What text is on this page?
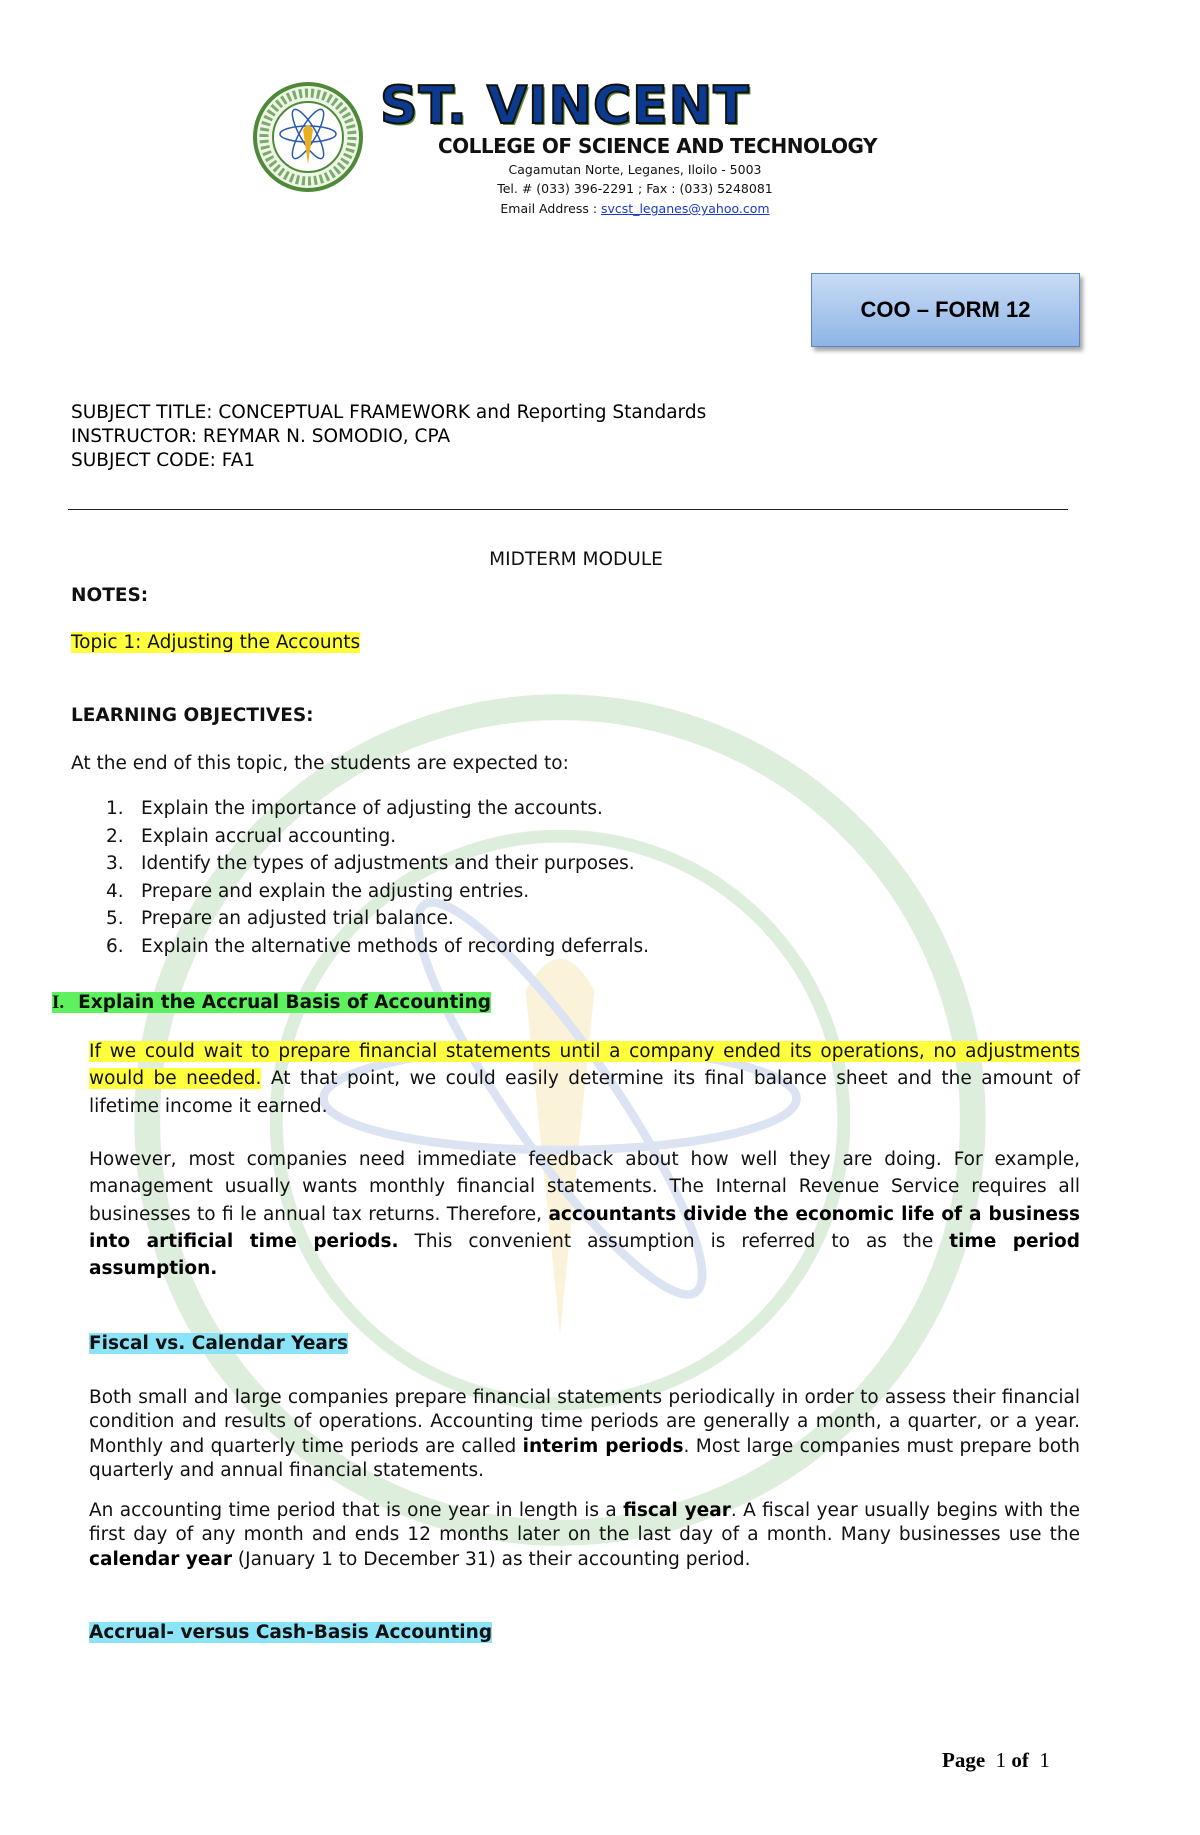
ST. VINCENT
COLLEGE OF SCIENCE AND TECHNOLOGY
Cagamutan Norte, Leganes, Iloilo - 5003
Tel. # (033) 396-2291 ; Fax : (033) 5248081
Email Address : svcst_leganes@yahoo.com
COO – FORM 12
SUBJECT TITLE: CONCEPTUAL FRAMEWORK and Reporting Standards
INSTRUCTOR: REYMAR N. SOMODIO, CPA
SUBJECT CODE: FA1
MIDTERM MODULE
NOTES:
Topic 1: Adjusting the Accounts
LEARNING OBJECTIVES:
At the end of this topic, the students are expected to:
1. Explain the importance of adjusting the accounts.
2. Explain accrual accounting.
3. Identify the types of adjustments and their purposes.
4. Prepare and explain the adjusting entries.
5. Prepare an adjusted trial balance.
6. Explain the alternative methods of recording deferrals.
I. Explain the Accrual Basis of Accounting
If we could wait to prepare financial statements until a company ended its operations, no adjustments would be needed. At that point, we could easily determine its final balance sheet and the amount of lifetime income it earned.
However, most companies need immediate feedback about how well they are doing. For example, management usually wants monthly financial statements. The Internal Revenue Service requires all businesses to fi le annual tax returns. Therefore, accountants divide the economic life of a business into artificial time periods. This convenient assumption is referred to as the time period assumption.
Fiscal vs. Calendar Years
Both small and large companies prepare financial statements periodically in order to assess their financial condition and results of operations. Accounting time periods are generally a month, a quarter, or a year. Monthly and quarterly time periods are called interim periods. Most large companies must prepare both quarterly and annual financial statements.
An accounting time period that is one year in length is a fiscal year. A fiscal year usually begins with the first day of any month and ends 12 months later on the last day of a month. Many businesses use the calendar year (January 1 to December 31) as their accounting period.
Accrual- versus Cash-Basis Accounting
Page 1 of 1
